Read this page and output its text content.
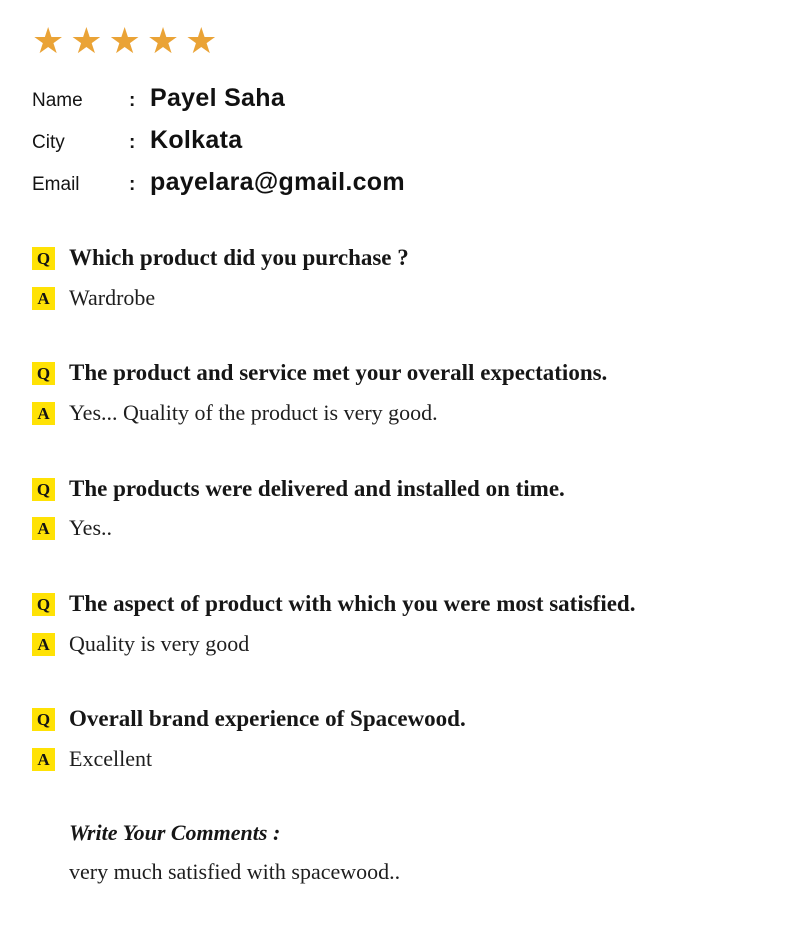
★★★★★
Name	: Payel Saha
City	: Kolkata
Email	: payelara@gmail.com
Q Which product did you purchase ?
A Wardrobe
Q The product and service met your overall expectations.
A Yes... Quality of the product is very good.
Q The products were delivered and installed on time.
A Yes..
Q The aspect of product with which you were most satisfied.
A Quality is very good
Q Overall brand experience of Spacewood.
A Excellent
Write Your Comments :
very much satisfied with spacewood..
